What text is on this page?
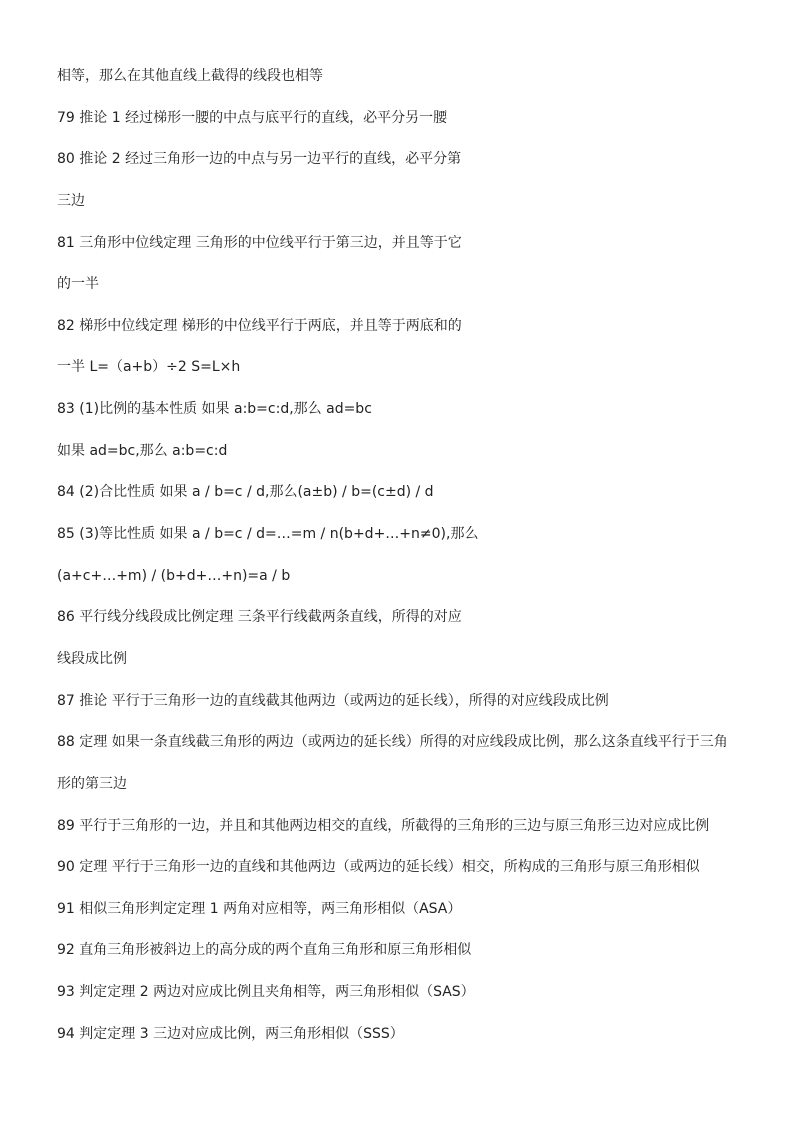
相等，那么在其他直线上截得的线段也相等
79 推论 1 经过梯形一腰的中点与底平行的直线，必平分另一腰
80 推论 2 经过三角形一边的中点与另一边平行的直线，必平分第
三边
81 三角形中位线定理 三角形的中位线平行于第三边，并且等于它
的一半
82 梯形中位线定理 梯形的中位线平行于两底，并且等于两底和的
一半 L=（a+b）÷2 S=L×h
83 (1)比例的基本性质 如果 a:b=c:d,那么 ad=bc
如果 ad=bc,那么 a:b=c:d
84 (2)合比性质 如果 a / b=c / d,那么(a±b) / b=(c±d) / d
85 (3)等比性质 如果 a / b=c / d=…=m / n(b+d+…+n≠0),那么
(a+c+…+m) / (b+d+…+n)=a / b
86 平行线分线段成比例定理 三条平行线截两条直线，所得的对应
线段成比例
87 推论 平行于三角形一边的直线截其他两边（或两边的延长线），所得的对应线段成比例
88 定理 如果一条直线截三角形的两边（或两边的延长线）所得的对应线段成比例，那么这条直线平行于三角
形的第三边
89 平行于三角形的一边，并且和其他两边相交的直线，所截得的三角形的三边与原三角形三边对应成比例
90 定理 平行于三角形一边的直线和其他两边（或两边的延长线）相交，所构成的三角形与原三角形相似
91 相似三角形判定定理 1 两角对应相等，两三角形相似（ASA）
92 直角三角形被斜边上的高分成的两个直角三角形和原三角形相似
93 判定定理 2 两边对应成比例且夹角相等，两三角形相似（SAS）
94 判定定理 3 三边对应成比例，两三角形相似（SSS）
